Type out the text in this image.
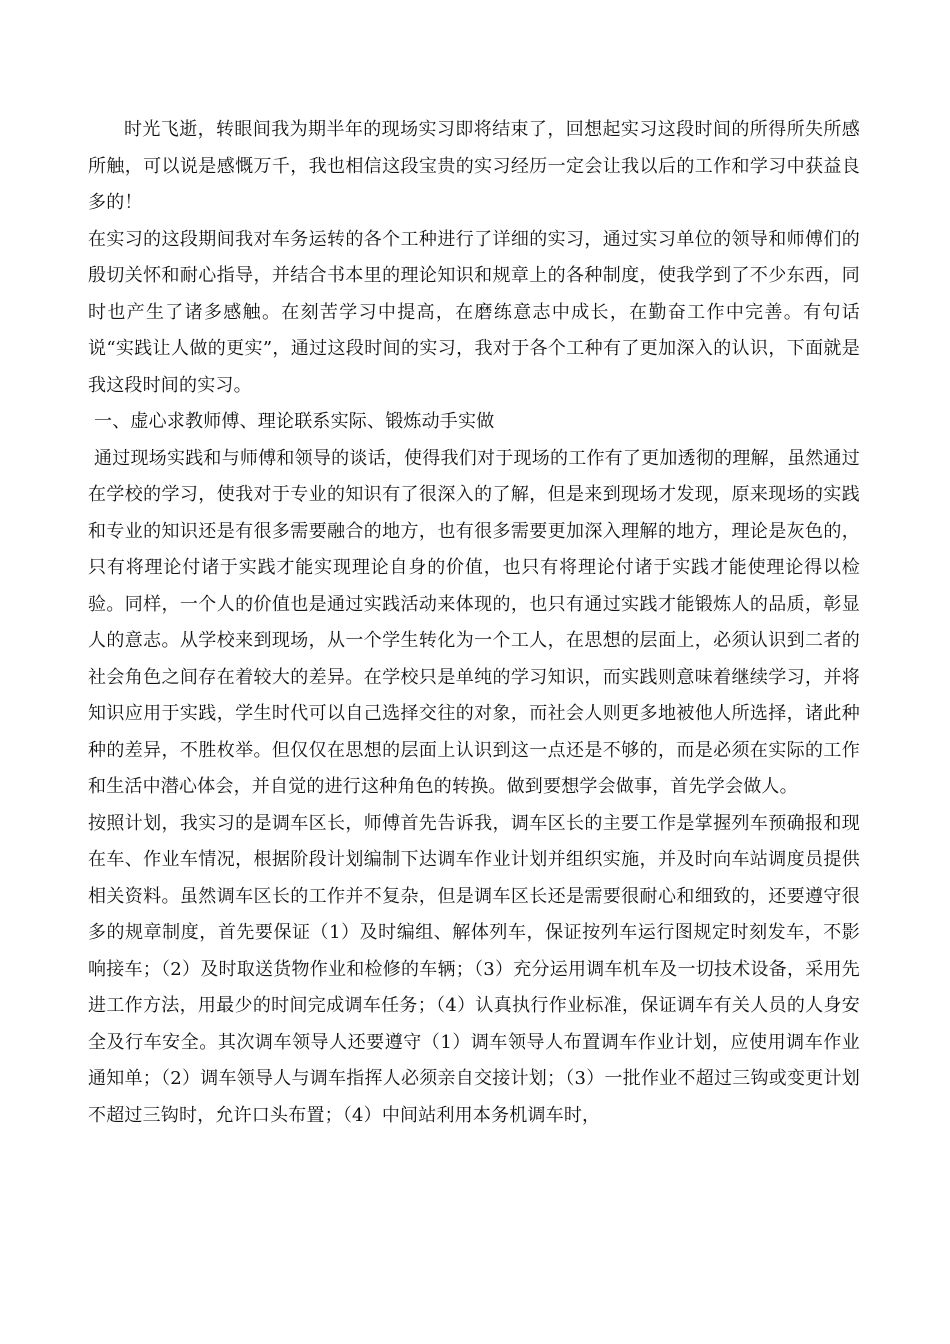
时光飞逝，转眼间我为期半年的现场实习即将结束了，回想起实习这段时间的所得所失所感所触，可以说是感慨万千，我也相信这段宝贵的实习经历一定会让我以后的工作和学习中获益良多的！

在实习的这段期间我对车务运转的各个工种进行了详细的实习，通过实习单位的领导和师傅们的殷切关怀和耐心指导，并结合书本里的理论知识和规章上的各种制度，使我学到了不少东西，同时也产生了诸多感触。在刻苦学习中提高，在磨练意志中成长，在勤奋工作中完善。有句话说“实践让人做的更实”，通过这段时间的实习，我对于各个工种有了更加深入的认识，下面就是我这段时间的实习。

一、虚心求教师傅、理论联系实际、锻炼动手实做

通过现场实践和与师傅和领导的谈话，使得我们对于现场的工作有了更加透彻的理解，虽然通过在学校的学习，使我对于专业的知识有了很深入的了解，但是来到现场才发现，原来现场的实践和专业的知识还是有很多需要融合的地方，也有很多需要更加深入理解的地方，理论是灰色的，只有将理论付诸于实践才能实现理论自身的价值，也只有将理论付诸于实践才能使理论得以检验。同样，一个人的价值也是通过实践活动来体现的，也只有通过实践才能锻炼人的品质，彰显人的意志。从学校来到现场，从一个学生转化为一个工人，在思想的层面上，必须认识到二者的社会角色之间存在着较大的差异。在学校只是单纯的学习知识，而实践则意味着继续学习，并将知识应用于实践，学生时代可以自己选择交往的对象，而社会人则更多地被他人所选择，诸此种种的差异，不胜枚举。但仅仅在思想的层面上认识到这一点还是不够的，而是必须在实际的工作和生活中潜心体会，并自觉的进行这种角色的转换。做到要想学会做事，首先学会做人。

按照计划，我实习的是调车区长，师傅首先告诉我，调车区长的主要工作是掌握列车预确报和现在车、作业车情况，根据阶段计划编制下达调车作业计划并组织实施，并及时向车站调度员提供相关资料。虽然调车区长的工作并不复杂，但是调车区长还是需要很耐心和细致的，还要遵守很多的规章制度，首先要保证（1）及时编组、解体列车，保证按列车运行图规定时刻发车，不影响接车；（2）及时取送货物作业和检修的车辆；（3）充分运用调车机车及一切技术设备，采用先进工作方法，用最少的时间完成调车任务；（4）认真执行作业标准，保证调车有关人员的人身安全及行车安全。其次调车领导人还要遵守（1）调车领导人布置调车作业计划，应使用调车作业通知单；（2）调车领导人与调车指挥人必须亲自交接计划；（3）一批作业不超过三钩或变更计划不超过三钩时，允许口头布置；（4）中间站利用本务机调车时，
